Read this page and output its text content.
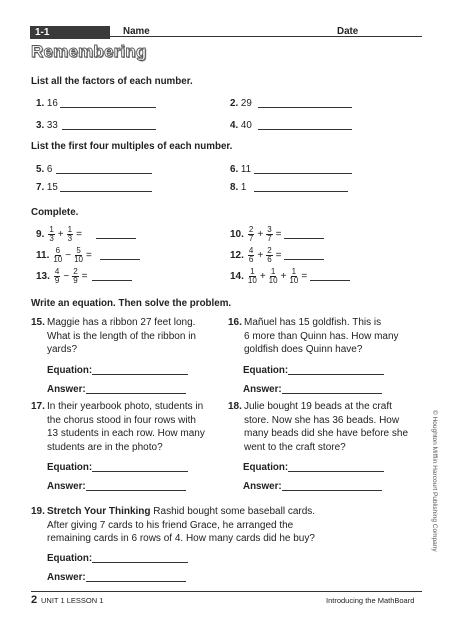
1-1	Name	Date
Remembering
List all the factors of each number.
1. 16	2. 29
3. 33	4. 40
List the first four multiples of each number.
5. 6	6. 11
7. 15	8. 1
Complete.
9. $\frac{1}{3} + \frac{1}{3}$ =	10. $\frac{2}{7} + \frac{3}{7}$ =
11. $\frac{6}{10} - \frac{5}{10}$ =	12. $\frac{4}{6} + \frac{2}{6}$ =
13. $\frac{4}{9} - \frac{2}{9}$ =	14. $\frac{1}{10} + \frac{1}{10} + \frac{1}{10}$ =
Write an equation. Then solve the problem.
15. Maggie has a ribbon 27 feet long.
What is the length of the ribbon in
yards?
Equation:
Answer:
16. Mañuel has 15 goldfish. This is
6 more than Quinn has. How many
goldfish does Quinn have?
Equation:
Answer:
17. In their yearbook photo, students in
the chorus stood in four rows with
13 students in each row. How many
students are in the photo?
Equation:
Answer:
18. Julie bought 19 beads at the craft
store. Now she has 36 beads. How
many beads did she have before she
went to the craft store?
Equation:
Answer:
19. Stretch Your Thinking Rashid bought some baseball cards.
After giving 7 cards to his friend Grace, he arranged the
remaining cards in 6 rows of 4. How many cards did he buy?
Equation:
Answer:
© Houghton Mifflin Harcourt Publishing Company
2 UNIT 1 LESSON 1	Introducing the MathBoard
